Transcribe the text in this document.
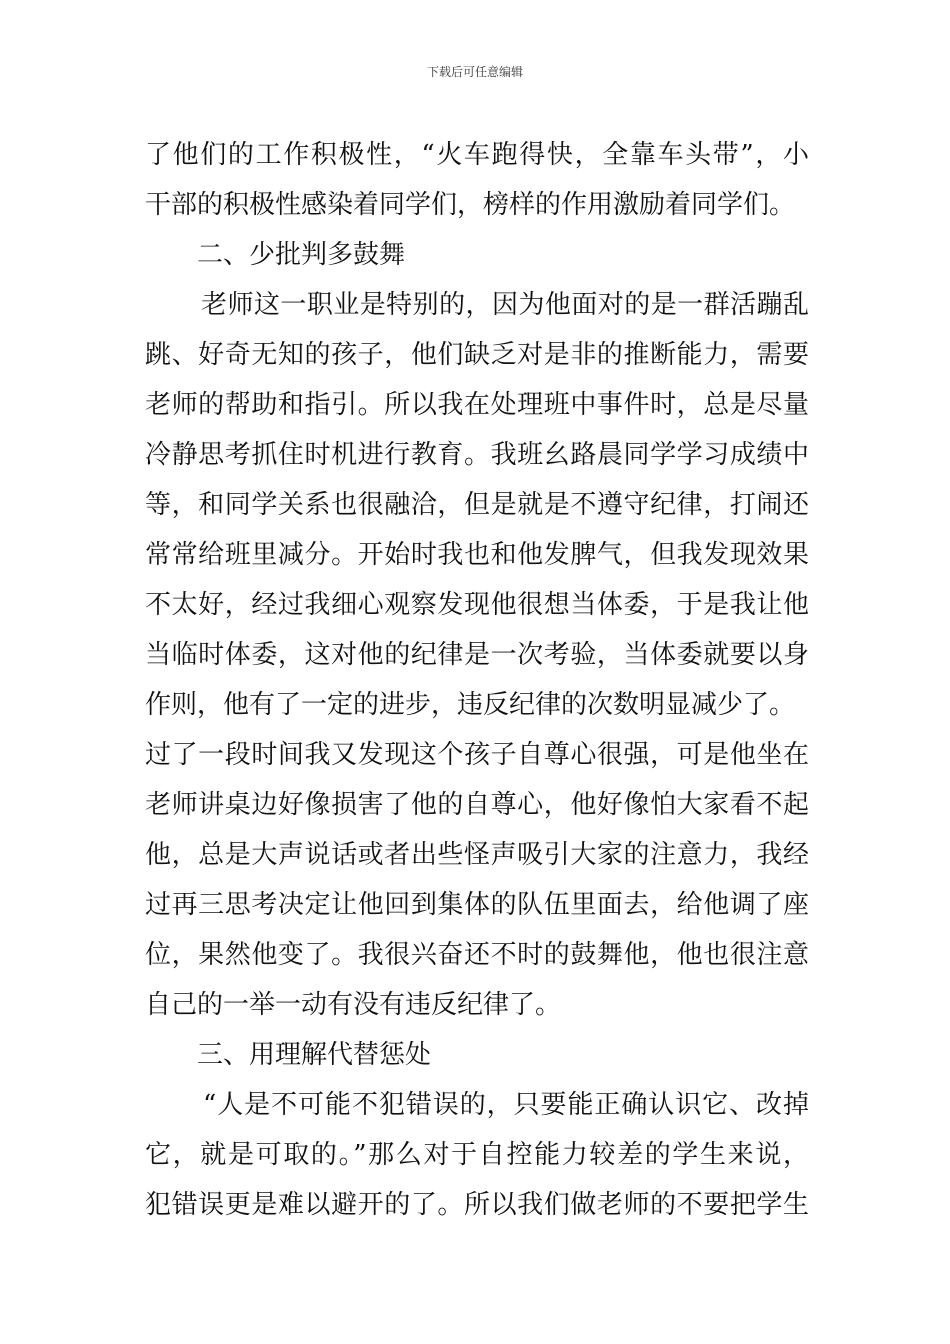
下载后可任意编辑
了他们的工作积极性，“火车跑得快，全靠车头带”，小
干部的积极性感染着同学们，榜样的作用激励着同学们。
二、少批判多鼓舞
老师这一职业是特别的，因为他面对的是一群活蹦乱
跳、好奇无知的孩子，他们缺乏对是非的推断能力，需要
老师的帮助和指引。所以我在处理班中事件时，总是尽量
冷静思考抓住时机进行教育。我班幺路晨同学学习成绩中
等，和同学关系也很融洽，但是就是不遵守纪律，打闹还
常常给班里减分。开始时我也和他发脾气，但我发现效果
不太好，经过我细心观察发现他很想当体委，于是我让他
当临时体委，这对他的纪律是一次考验，当体委就要以身
作则，他有了一定的进步，违反纪律的次数明显减少了。
过了一段时间我又发现这个孩子自尊心很强，可是他坐在
老师讲桌边好像损害了他的自尊心，他好像怕大家看不起
他，总是大声说话或者出些怪声吸引大家的注意力，我经
过再三思考决定让他回到集体的队伍里面去，给他调了座
位，果然他变了。我很兴奋还不时的鼓舞他，他也很注意
自己的一举一动有没有违反纪律了。
三、用理解代替惩处
“人是不可能不犯错误的，只要能正确认识它、改掉
它，就是可取的。”那么对于自控能力较差的学生来说，
犯错误更是难以避开的了。所以我们做老师的不要把学生
